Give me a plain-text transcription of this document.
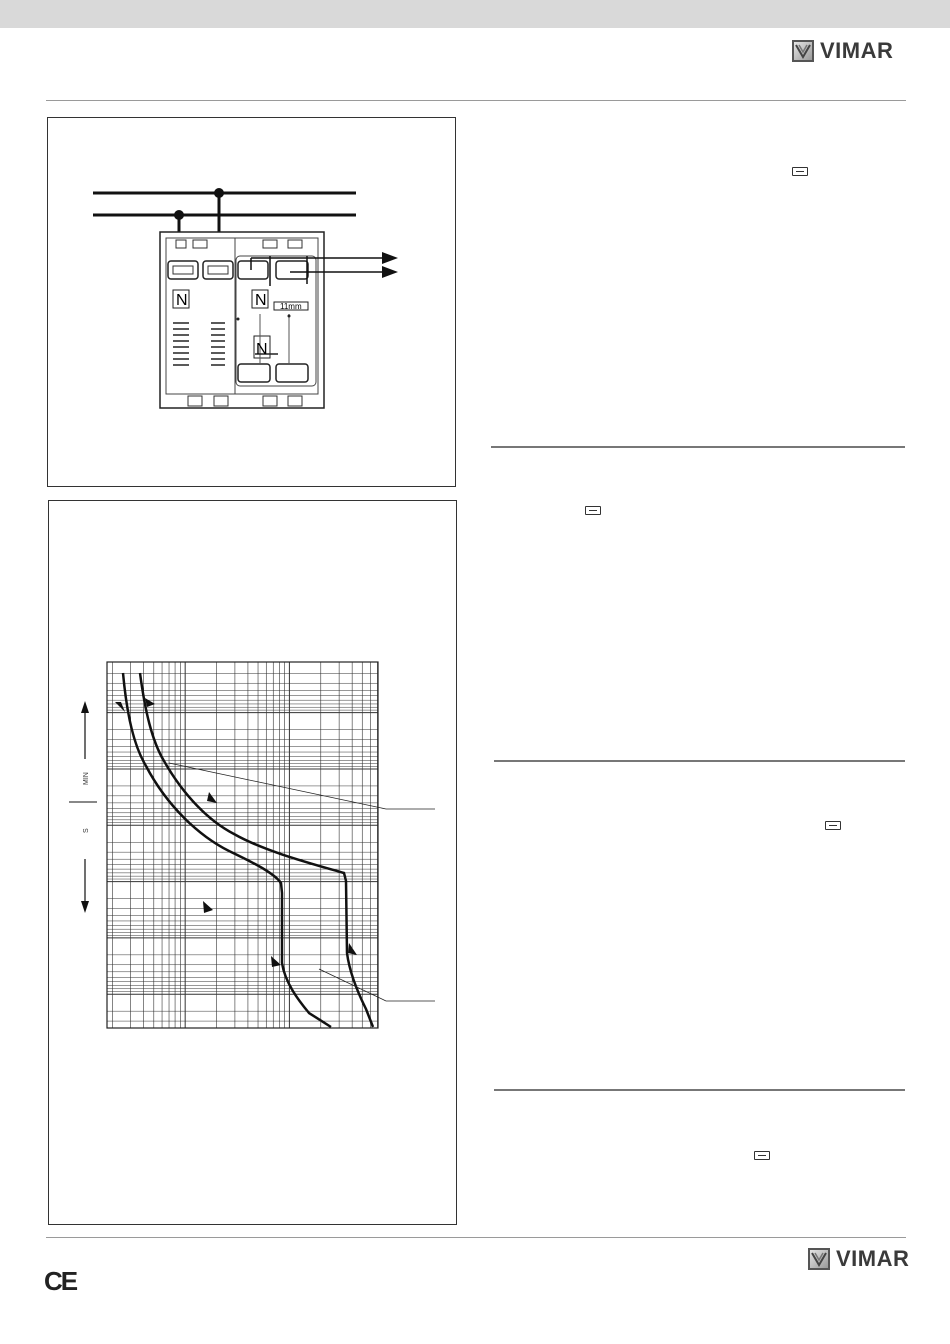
VIMAR
N	N
N
11mm
MIN
S
CE
VIMAR
